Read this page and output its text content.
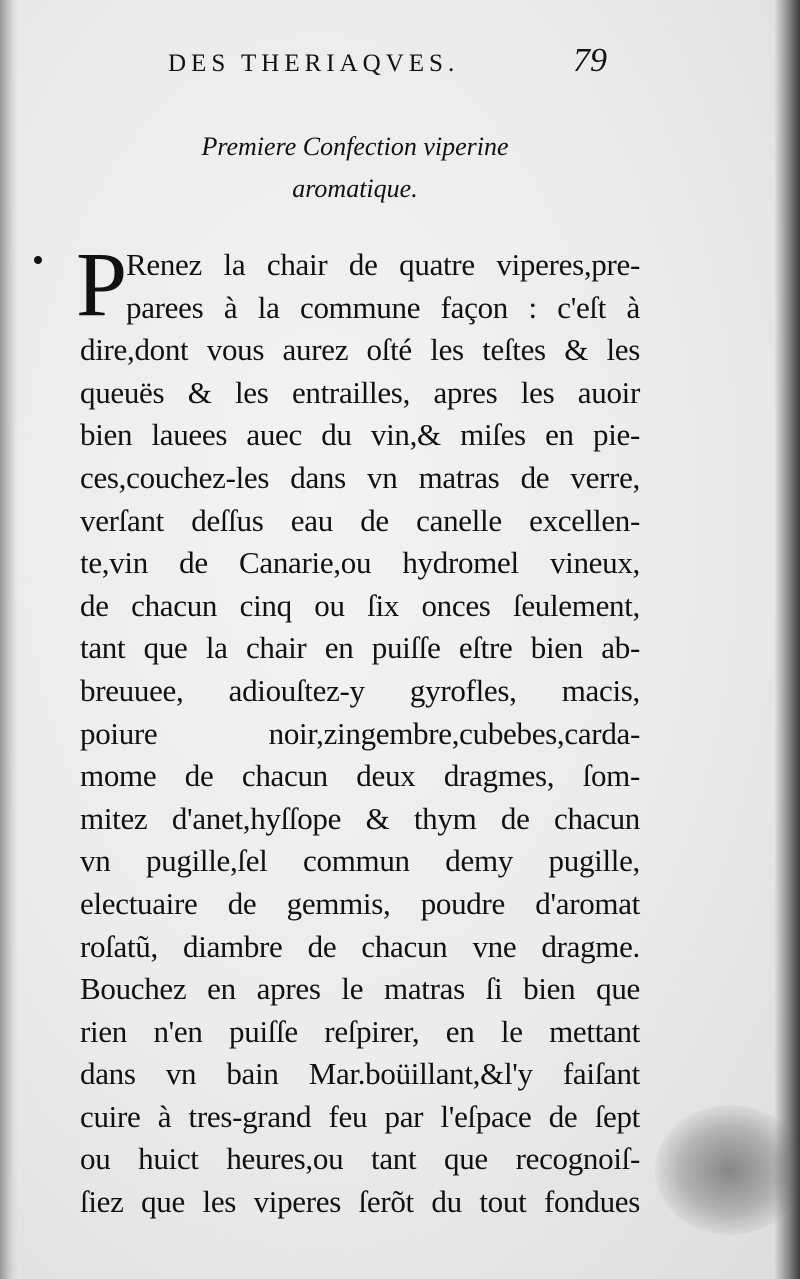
DES THERIAQVES.	79
Premiere Confection viperine
aromatique.
P
Renez la chair de quatre viperes,pre-
parees à la commune façon : c'eſt à
dire,dont vous aurez oſté les teſtes & les
queuës & les entrailles, apres les auoir
bien lauees auec du vin,& miſes en pie-
ces,couchez-les dans vn matras de verre,
verſant deſſus eau de canelle excellen-
te,vin de Canarie,ou hydromel vineux,
de chacun cinq ou ſix onces ſeulement,
tant que la chair en puiſſe eſtre bien ab-
breuuee, adiouſtez-y gyrofles, macis,
poiure noir,zingembre,cubebes,carda-
mome de chacun deux dragmes, ſom-
mitez d'anet,hyſſope & thym de chacun
vn pugille,ſel commun demy pugille,
electuaire de gemmis, poudre d'aromat
roſatũ, diambre de chacun vne dragme.
Bouchez en apres le matras ſi bien que
rien n'en puiſſe reſpirer, en le mettant
dans vn bain Mar.boüillant,&l'y faiſant
cuire à tres-grand feu par l'eſpace de ſept
ou huict heures,ou tant que recognoiſ-
ſiez que les viperes ſerõt du tout fondues
